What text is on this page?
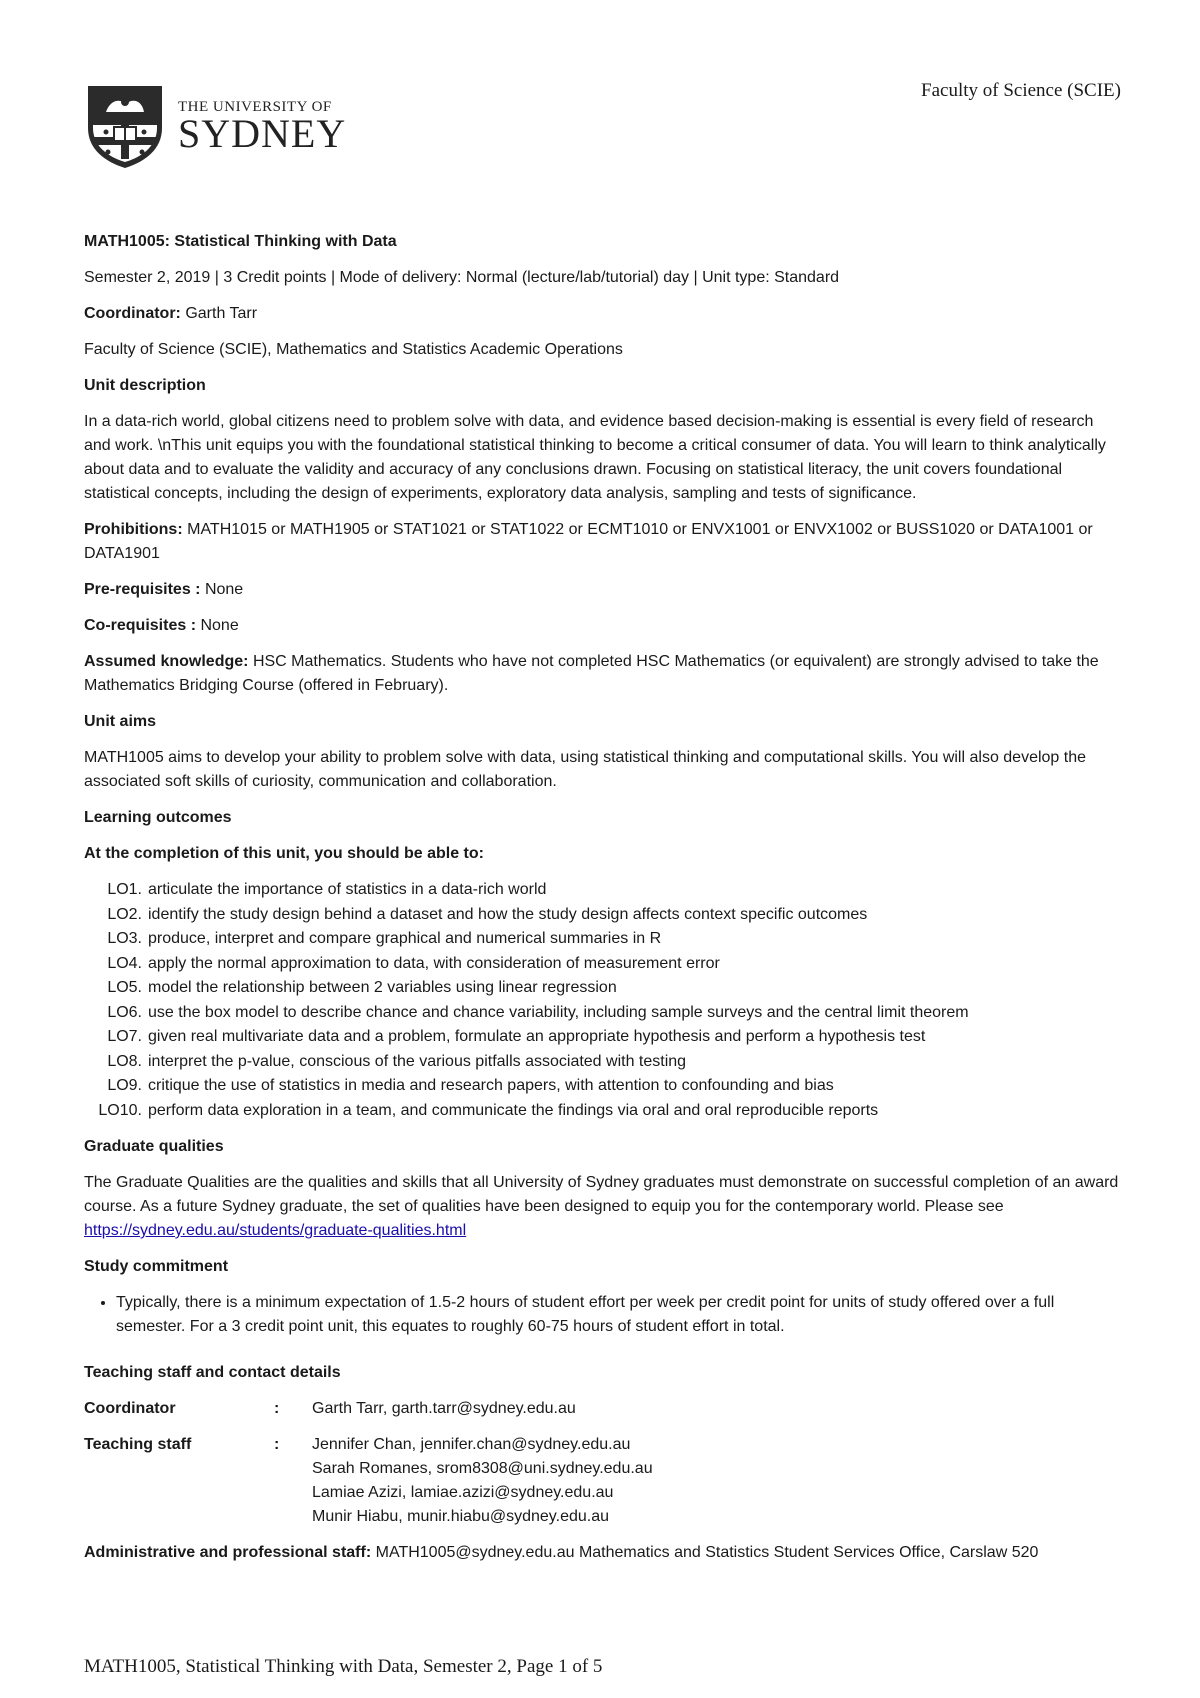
THE UNIVERSITY OF
SYDNEY
Faculty of Science (SCIE)

MATH1005: Statistical Thinking with Data

Semester 2, 2019 | 3 Credit points | Mode of delivery: Normal (lecture/lab/tutorial) day | Unit type: Standard

Coordinator: Garth Tarr

Faculty of Science (SCIE), Mathematics and Statistics Academic Operations

Unit description

In a data-rich world, global citizens need to problem solve with data, and evidence based decision-making is essential is every field of research and work. \nThis unit equips you with the foundational statistical thinking to become a critical consumer of data. You will learn to think analytically about data and to evaluate the validity and accuracy of any conclusions drawn. Focusing on statistical literacy, the unit covers foundational statistical concepts, including the design of experiments, exploratory data analysis, sampling and tests of significance.

Prohibitions: MATH1015 or MATH1905 or STAT1021 or STAT1022 or ECMT1010 or ENVX1001 or ENVX1002 or BUSS1020 or DATA1001 or DATA1901

Pre-requisites : None

Co-requisites : None

Assumed knowledge: HSC Mathematics. Students who have not completed HSC Mathematics (or equivalent) are strongly advised to take the Mathematics Bridging Course (offered in February).

Unit aims

MATH1005 aims to develop your ability to problem solve with data, using statistical thinking and computational skills. You will also develop the associated soft skills of curiosity, communication and collaboration.

Learning outcomes

At the completion of this unit, you should be able to:

LO1. articulate the importance of statistics in a data-rich world
LO2. identify the study design behind a dataset and how the study design affects context specific outcomes
LO3. produce, interpret and compare graphical and numerical summaries in R
LO4. apply the normal approximation to data, with consideration of measurement error
LO5. model the relationship between 2 variables using linear regression
LO6. use the box model to describe chance and chance variability, including sample surveys and the central limit theorem
LO7. given real multivariate data and a problem, formulate an appropriate hypothesis and perform a hypothesis test
LO8. interpret the p-value, conscious of the various pitfalls associated with testing
LO9. critique the use of statistics in media and research papers, with attention to confounding and bias
LO10. perform data exploration in a team, and communicate the findings via oral and oral reproducible reports

Graduate qualities

The Graduate Qualities are the qualities and skills that all University of Sydney graduates must demonstrate on successful completion of an award course. As a future Sydney graduate, the set of qualities have been designed to equip you for the contemporary world. Please see https://sydney.edu.au/students/graduate-qualities.html

Study commitment

• Typically, there is a minimum expectation of 1.5-2 hours of student effort per week per credit point for units of study offered over a full semester. For a 3 credit point unit, this equates to roughly 60-75 hours of student effort in total.

Teaching staff and contact details

Coordinator	:	Garth Tarr, garth.tarr@sydney.edu.au
Teaching staff	:	Jennifer Chan, jennifer.chan@sydney.edu.au
Sarah Romanes, srom8308@uni.sydney.edu.au
Lamiae Azizi, lamiae.azizi@sydney.edu.au
Munir Hiabu, munir.hiabu@sydney.edu.au

Administrative and professional staff: MATH1005@sydney.edu.au Mathematics and Statistics Student Services Office, Carslaw 520

MATH1005, Statistical Thinking with Data, Semester 2, Page 1 of 5
